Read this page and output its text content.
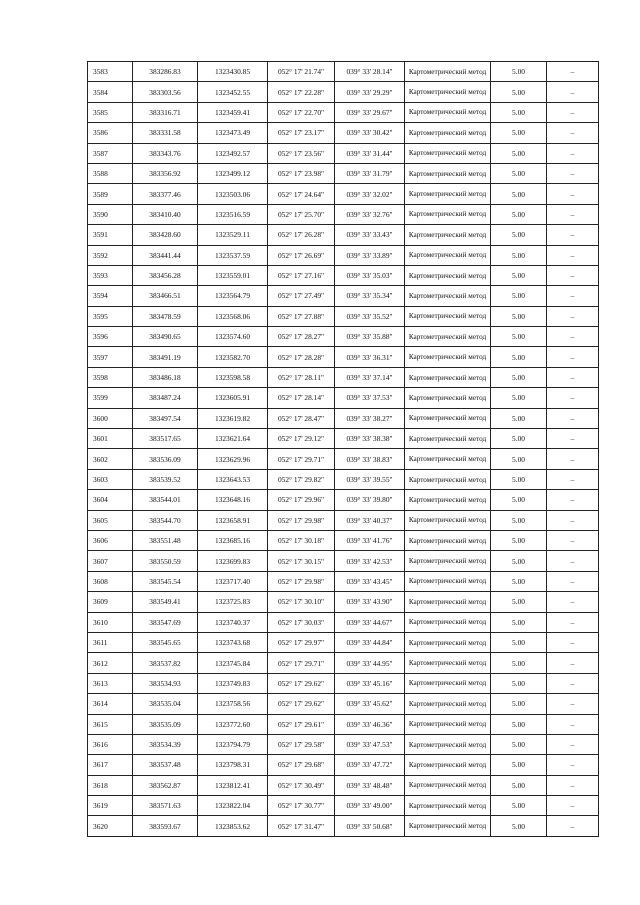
3583	383286.83	1323430.85	052° 17' 21.74"	039° 33' 28.14"	Картометрический метод	5.00	–
3584	383303.56	1323452.55	052° 17' 22.28"	039° 33' 29.29"	Картометрический метод	5.00	–
3585	383316.71	1323459.41	052° 17' 22.70"	039° 33' 29.67"	Картометрический метод	5.00	–
3586	383331.58	1323473.49	052° 17' 23.17"	039° 33' 30.42"	Картометрический метод	5.00	–
3587	383343.76	1323492.57	052° 17' 23.56"	039° 33' 31.44"	Картометрический метод	5.00	–
3588	383356.92	1323499.12	052° 17' 23.98"	039° 33' 31.79"	Картометрический метод	5.00	–
3589	383377.46	1323503.06	052° 17' 24.64"	039° 33' 32.02"	Картометрический метод	5.00	–
3590	383410.40	1323516.59	052° 17' 25.70"	039° 33' 32.76"	Картометрический метод	5.00	–
3591	383428.60	1323529.11	052° 17' 26.28"	039° 33' 33.43"	Картометрический метод	5.00	–
3592	383441.44	1323537.59	052° 17' 26.69"	039° 33' 33.89"	Картометрический метод	5.00	–
3593	383456.28	1323559.01	052° 17' 27.16"	039° 33' 35.03"	Картометрический метод	5.00	–
3594	383466.51	1323564.79	052° 17' 27.49"	039° 33' 35.34"	Картометрический метод	5.00	–
3595	383478.59	1323568.06	052° 17' 27.88"	039° 33' 35.52"	Картометрический метод	5.00	–
3596	383490.65	1323574.60	052° 17' 28.27"	039° 33' 35.88"	Картометрический метод	5.00	–
3597	383491.19	1323582.70	052° 17' 28.28"	039° 33' 36.31"	Картометрический метод	5.00	–
3598	383486.18	1323598.58	052° 17' 28.11"	039° 33' 37.14"	Картометрический метод	5.00	–
3599	383487.24	1323605.91	052° 17' 28.14"	039° 33' 37.53"	Картометрический метод	5.00	–
3600	383497.54	1323619.82	052° 17' 28.47"	039° 33' 38.27"	Картометрический метод	5.00	–
3601	383517.65	1323621.64	052° 17' 29.12"	039° 33' 38.38"	Картометрический метод	5.00	–
3602	383536.09	1323629.96	052° 17' 29.71"	039° 33' 38.83"	Картометрический метод	5.00	–
3603	383539.52	1323643.53	052° 17' 29.82"	039° 33' 39.55"	Картометрический метод	5.00	–
3604	383544.01	1323648.16	052° 17' 29.96"	039° 33' 39.80"	Картометрический метод	5.00	–
3605	383544.70	1323658.91	052° 17' 29.98"	039° 33' 40.37"	Картометрический метод	5.00	–
3606	383551.48	1323685.16	052° 17' 30.18"	039° 33' 41.76"	Картометрический метод	5.00	–
3607	383550.59	1323699.83	052° 17' 30.15"	039° 33' 42.53"	Картометрический метод	5.00	–
3608	383545.54	1323717.40	052° 17' 29.98"	039° 33' 43.45"	Картометрический метод	5.00	–
3609	383549.41	1323725.83	052° 17' 30.10"	039° 33' 43.90"	Картометрический метод	5.00	–
3610	383547.69	1323740.37	052° 17' 30.03"	039° 33' 44.67"	Картометрический метод	5.00	–
3611	383545.65	1323743.68	052° 17' 29.97"	039° 33' 44.84"	Картометрический метод	5.00	–
3612	383537.82	1323745.84	052° 17' 29.71"	039° 33' 44.95"	Картометрический метод	5.00	–
3613	383534.93	1323749.83	052° 17' 29.62"	039° 33' 45.16"	Картометрический метод	5.00	–
3614	383535.04	1323758.56	052° 17' 29.62"	039° 33' 45.62"	Картометрический метод	5.00	–
3615	383535.09	1323772.60	052° 17' 29.61"	039° 33' 46.36"	Картометрический метод	5.00	–
3616	383534.39	1323794.79	052° 17' 29.58"	039° 33' 47.53"	Картометрический метод	5.00	–
3617	383537.48	1323798.31	052° 17' 29.68"	039° 33' 47.72"	Картометрический метод	5.00	–
3618	383562.87	1323812.41	052° 17' 30.49"	039° 33' 48.48"	Картометрический метод	5.00	–
3619	383571.63	1323822.04	052° 17' 30.77"	039° 33' 49.00"	Картометрический метод	5.00	–
3620	383593.67	1323853.62	052° 17' 31.47"	039° 33' 50.68"	Картометрический метод	5.00	–
